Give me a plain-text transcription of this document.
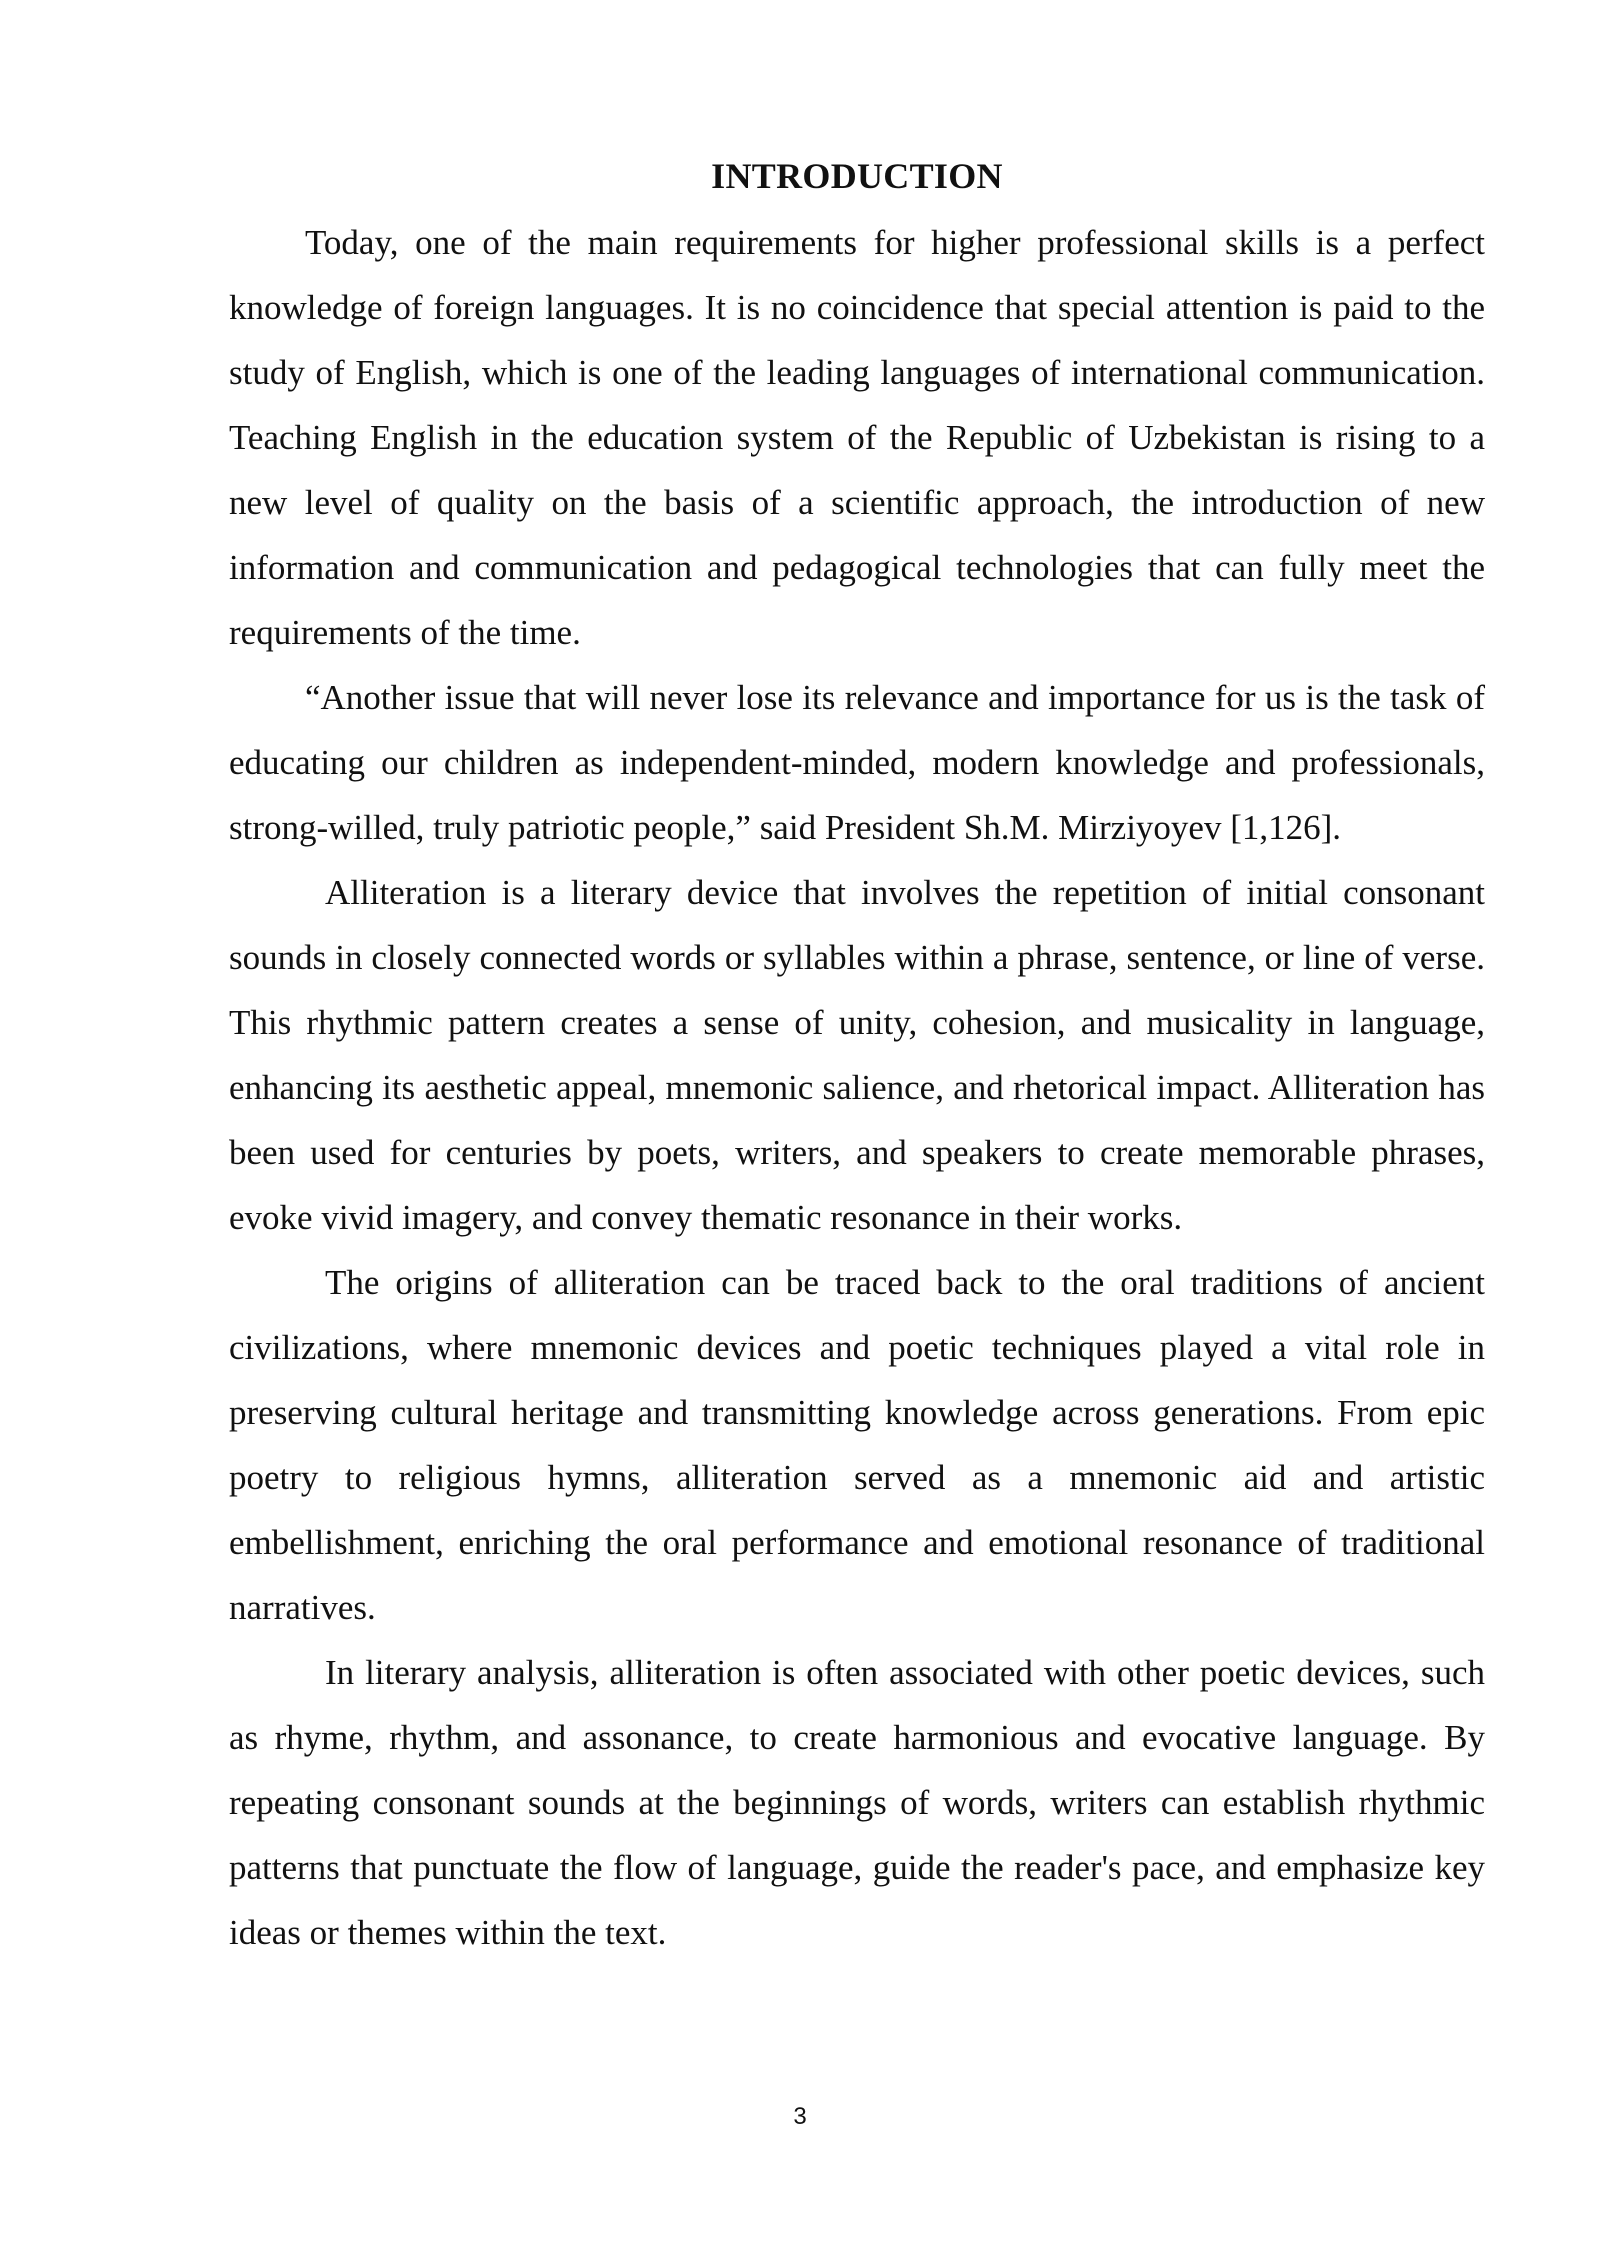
INTRODUCTION

Today, one of the main requirements for higher professional skills is a perfect knowledge of foreign languages. It is no coincidence that special attention is paid to the study of English, which is one of the leading languages of international communication. Teaching English in the education system of the Republic of Uzbekistan is rising to a new level of quality on the basis of a scientific approach, the introduction of new information and communication and pedagogical technologies that can fully meet the requirements of the time.

“Another issue that will never lose its relevance and importance for us is the task of educating our children as independent-minded, modern knowledge and professionals, strong-willed, truly patriotic people,” said President Sh.M. Mirziyoyev [1,126].

Alliteration is a literary device that involves the repetition of initial consonant sounds in closely connected words or syllables within a phrase, sentence, or line of verse. This rhythmic pattern creates a sense of unity, cohesion, and musicality in language, enhancing its aesthetic appeal, mnemonic salience, and rhetorical impact. Alliteration has been used for centuries by poets, writers, and speakers to create memorable phrases, evoke vivid imagery, and convey thematic resonance in their works.

The origins of alliteration can be traced back to the oral traditions of ancient civilizations, where mnemonic devices and poetic techniques played a vital role in preserving cultural heritage and transmitting knowledge across generations. From epic poetry to religious hymns, alliteration served as a mnemonic aid and artistic embellishment, enriching the oral performance and emotional resonance of traditional narratives.

In literary analysis, alliteration is often associated with other poetic devices, such as rhyme, rhythm, and assonance, to create harmonious and evocative language. By repeating consonant sounds at the beginnings of words, writers can establish rhythmic patterns that punctuate the flow of language, guide the reader's pace, and emphasize key ideas or themes within the text.

3
